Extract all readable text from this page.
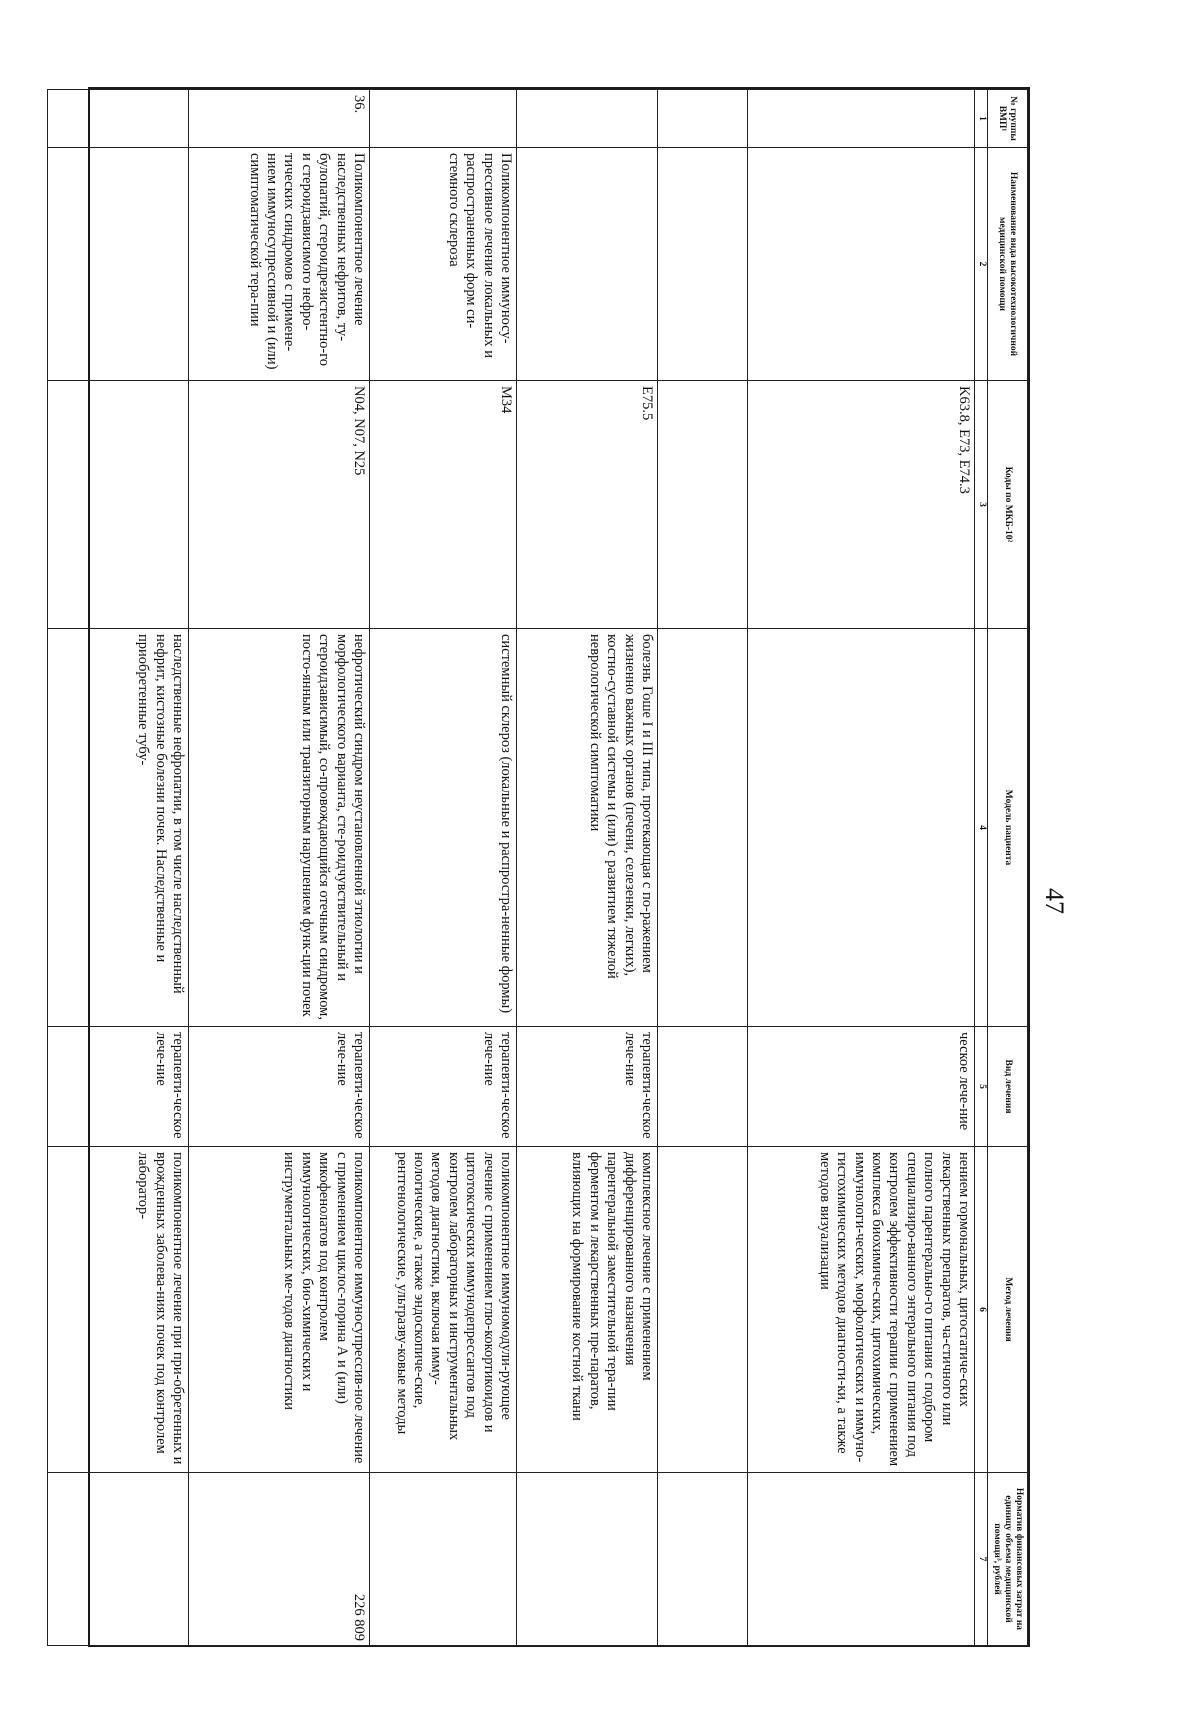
47
№ группы ВМП¹	Наименование вида высокотехнологичной медицинской помощи	Коды по МКБ-10²	Модель пациента	Вид лечения	Метод лечения	Норматив финансовых затрат на единицу объема медицинской помощи³, рублей
1	2	3	4	5	6	7
		K63.8, E73, E74.3		ческое лече-ние	нением гормональных, цитостатиче-ских лекарственных препаратов, ча-стичного или полного парентерально-го питания с подбором специализиро-ванного энтерального питания под контролем эффективности терапии с применением комплекса биохимиче-ских, цитохимических, иммунологи-ческих, морфологических и иммуно-гистохимических методов диагности-ки, а также методов визуализации	

		E75.5	болезнь Гоше I и III типа, протекающая с по-ражением жизненно важных органов (печени, селезенки, легких), костно-суставной системы и (или) с развитием тяжелой неврологической симптоматики	терапевти-ческое лече-ние	комплексное лечение с применением дифференцированного назначения парентеральной заместительной тера-пии ферментом и лекарственных пре-паратов, влияющих на формирование костной ткани	
	Поликомпонентное иммуносу-прессивное лечение локальных и распространенных форм си-стемного склероза	M34	системный склероз (локальные и распростра-ненные формы)	терапевти-ческое лече-ние	поликомпонентное иммуномодули-рующее лечение с применением глю-кокортикоидов и цитотоксических иммунодепрессантов под контролем лабораторных и инструментальных методов диагностики, включая имму-нологические, а также эндоскопиче-ские, рентгенологические, ультразву-ковые методы	
36.	Поликомпонентное лечение наследственных нефритов, ту-булопатий, стероидрезистентно-го и стероидзависимого нефро-тических синдромов с примене-нием иммуносупрессивной и (или) симптоматической тера-пии	N04, N07, N25	нефротический синдром неустановленной этиологии и морфологического варианта, сте-роидчувствительный и стероидзависимый, со-провождающийся отечным синдромом, посто-янным или транзиторным нарушением функ-ции почек	терапевти-ческое лече-ние	поликомпонентное иммуносупрессив-ное лечение с применением циклос-порина А и (или) микофенолатов под контролем иммунологических, био-химических и инструментальных ме-тодов диагностики	226 809
			наследственные нефропатии, в том числе наследственный нефрит, кистозные болезни почек. Наследственные и приобретенные тубу-	терапевти-ческое лече-ние	поликомпонентное лечение при при-обретенных и врожденных заболева-ниях почек под контролем лаборатор-	
